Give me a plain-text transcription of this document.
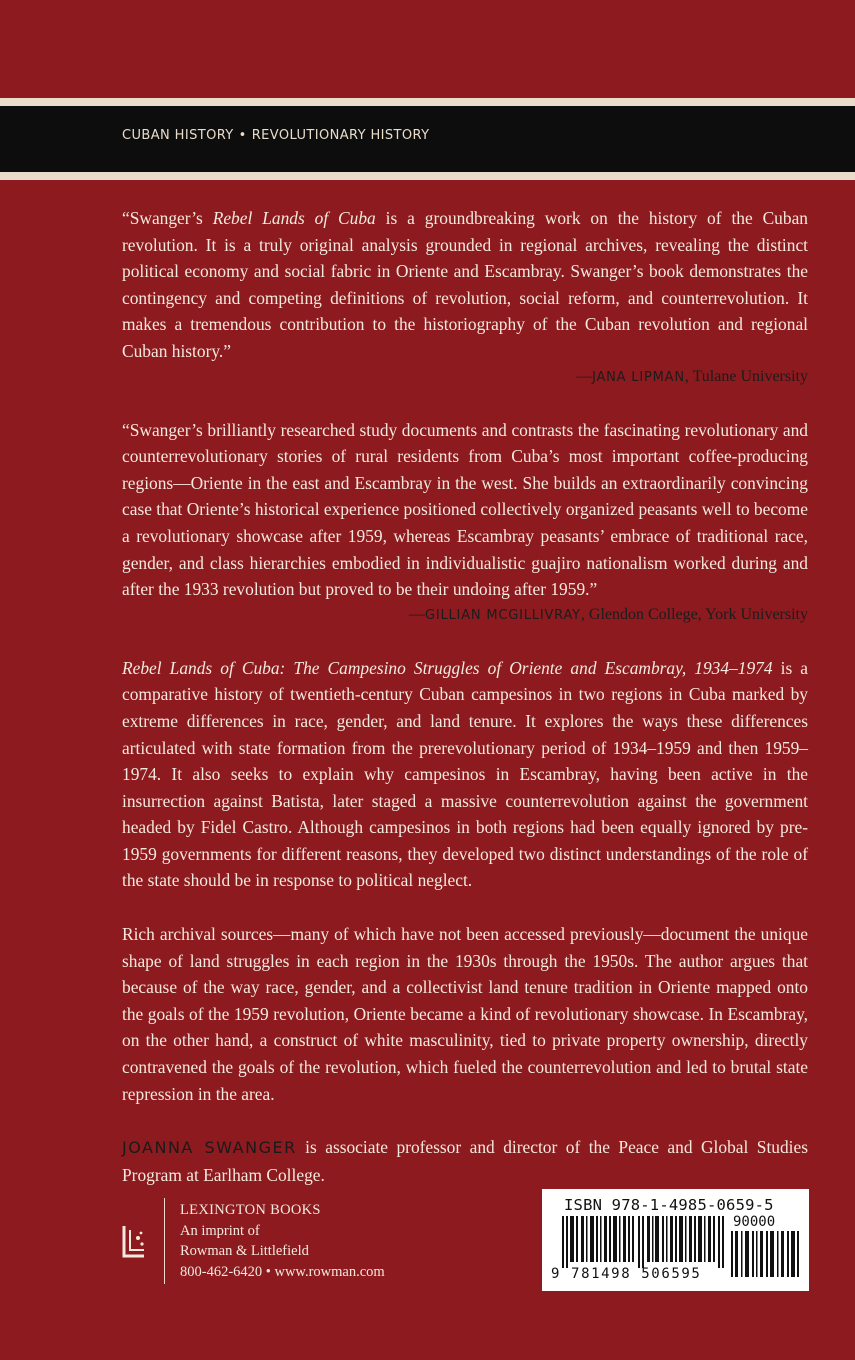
CUBAN HISTORY • REVOLUTIONARY HISTORY

“Swanger’s Rebel Lands of Cuba is a groundbreaking work on the history of the Cuban revolution. It is a truly original analysis grounded in regional archives, revealing the distinct political economy and social fabric in Oriente and Escambray. Swanger’s book demonstrates the contingency and competing definitions of revolution, social reform, and counterrevolution. It makes a tremendous contribution to the historiography of the Cuban revolution and regional Cuban history.”

—JANA LIPMAN, Tulane University

“Swanger’s brilliantly researched study documents and contrasts the fascinating revolutionary and counterrevolutionary stories of rural residents from Cuba’s most important coffee-producing regions—Oriente in the east and Escambray in the west. She builds an extraordinarily convincing case that Oriente’s historical experience positioned collectively organized peasants well to become a revolutionary showcase after 1959, whereas Escambray peasants’ embrace of traditional race, gender, and class hierarchies embodied in individualistic guajiro nationalism worked during and after the 1933 revolution but proved to be their undoing after 1959.”

—GILLIAN MCGILLIVRAY, Glendon College, York University

Rebel Lands of Cuba: The Campesino Struggles of Oriente and Escambray, 1934–1974 is a comparative history of twentieth-century Cuban campesinos in two regions in Cuba marked by extreme differences in race, gender, and land tenure. It explores the ways these differences articulated with state formation from the prerevolutionary period of 1934–1959 and then 1959–1974. It also seeks to explain why campesinos in Escambray, having been active in the insurrection against Batista, later staged a massive counterrevolution against the government headed by Fidel Castro. Although campesinos in both regions had been equally ignored by pre-1959 governments for different reasons, they developed two distinct understandings of the role of the state should be in response to political neglect.

Rich archival sources—many of which have not been accessed previously—document the unique shape of land struggles in each region in the 1930s through the 1950s. The author argues that because of the way race, gender, and a collectivist land tenure tradition in Oriente mapped onto the goals of the 1959 revolution, Oriente became a kind of revolutionary showcase. In Escambray, on the other hand, a construct of white masculinity, tied to private property ownership, directly contravened the goals of the revolution, which fueled the counterrevolution and led to brutal state repression in the area.

JOANNA SWANGER is associate professor and director of the Peace and Global Studies Program at Earlham College.

LEXINGTON BOOKS
An imprint of
Rowman & Littlefield
800-462-6420 • www.rowman.com
ISBN 978-1-4985-0659-5
90000
9 781498 506595
